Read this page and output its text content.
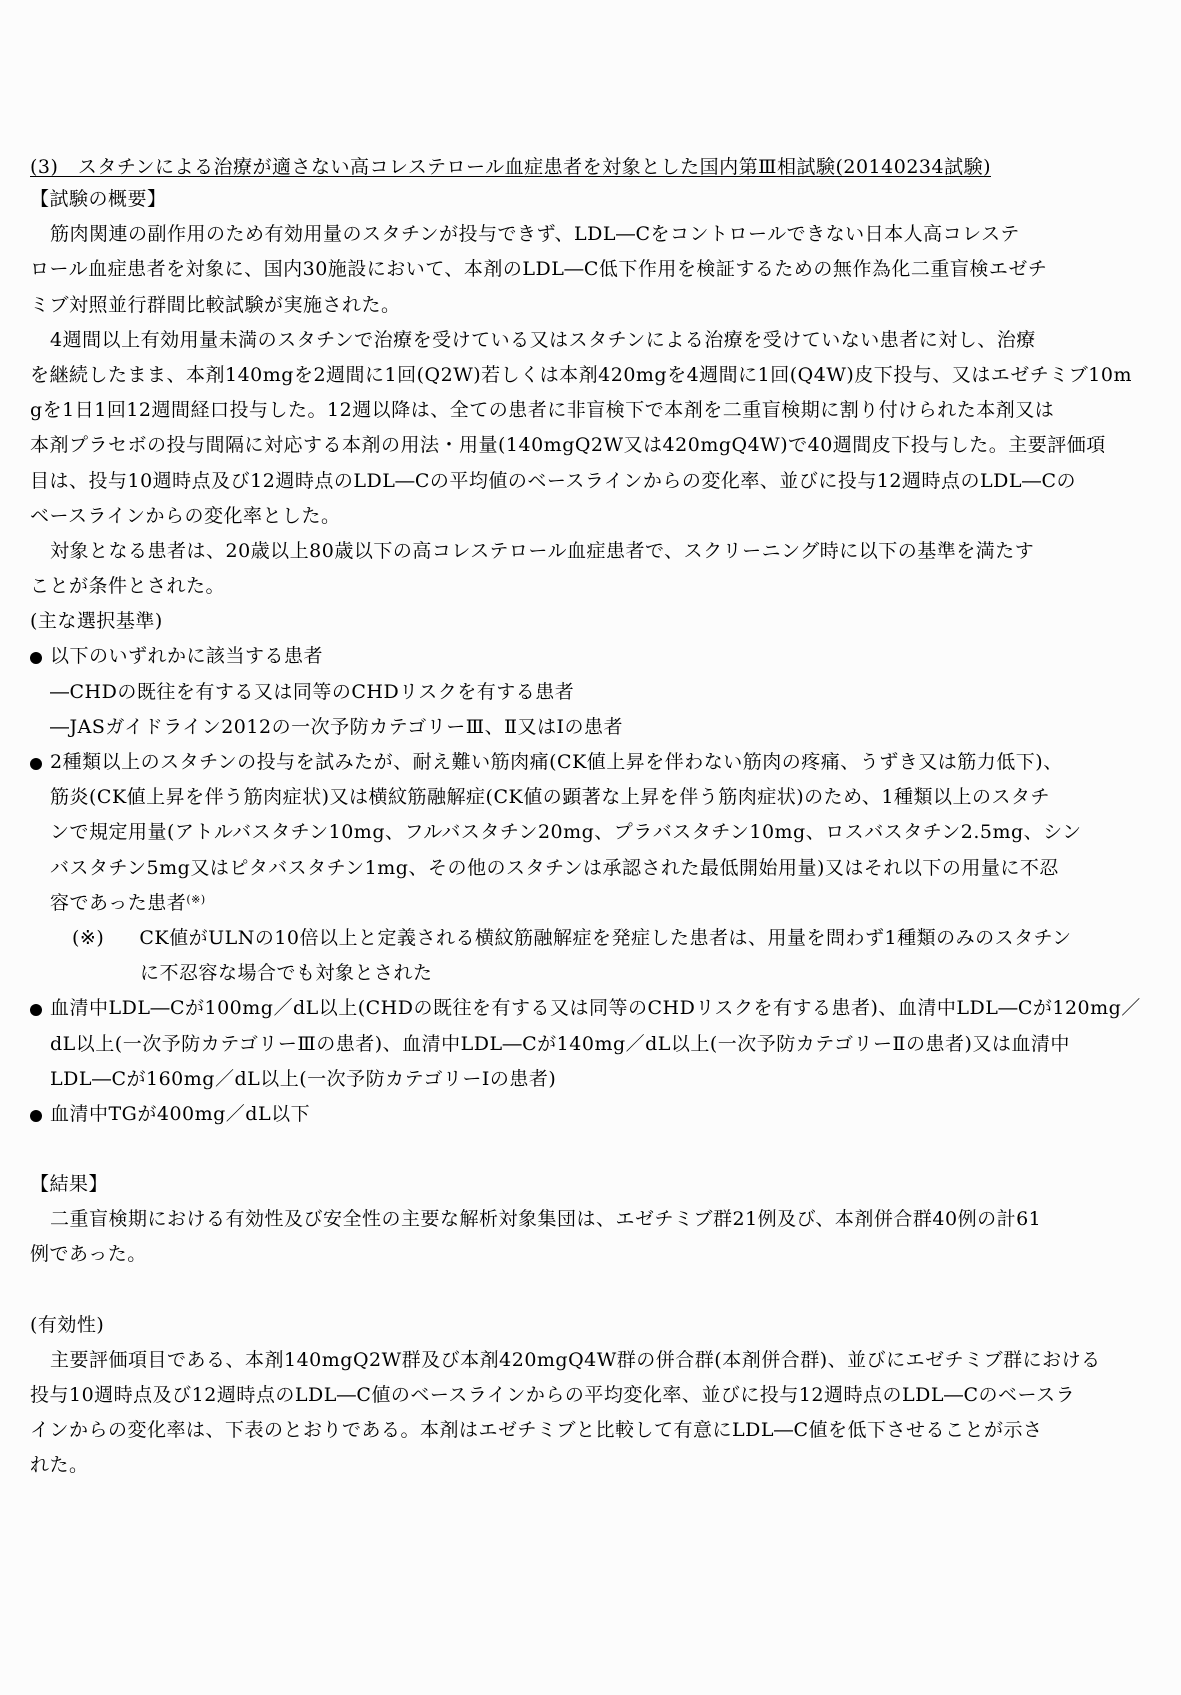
(3)　スタチンによる治療が適さない高コレステロール血症患者を対象とした国内第Ⅲ相試験(20140234試験)
【試験の概要】
筋肉関連の副作用のため有効用量のスタチンが投与できず、LDL―Cをコントロールできない日本人高コレステ
ロール血症患者を対象に、国内30施設において、本剤のLDL―C低下作用を検証するための無作為化二重盲検エゼチ
ミブ対照並行群間比較試験が実施された。
4週間以上有効用量未満のスタチンで治療を受けている又はスタチンによる治療を受けていない患者に対し、治療
を継続したまま、本剤140mgを2週間に1回(Q2W)若しくは本剤420mgを4週間に1回(Q4W)皮下投与、又はエゼチミブ10m
gを1日1回12週間経口投与した。12週以降は、全ての患者に非盲検下で本剤を二重盲検期に割り付けられた本剤又は
本剤プラセボの投与間隔に対応する本剤の用法・用量(140mgQ2W又は420mgQ4W)で40週間皮下投与した。主要評価項
目は、投与10週時点及び12週時点のLDL―Cの平均値のベースラインからの変化率、並びに投与12週時点のLDL―Cの
ベースラインからの変化率とした。
対象となる患者は、20歳以上80歳以下の高コレステロール血症患者で、スクリーニング時に以下の基準を満たす
ことが条件とされた。
(主な選択基準)
以下のいずれかに該当する患者
―CHDの既往を有する又は同等のCHDリスクを有する患者
―JASガイドライン2012の一次予防カテゴリーⅢ、Ⅱ又はⅠの患者
2種類以上のスタチンの投与を試みたが、耐え難い筋肉痛(CK値上昇を伴わない筋肉の疼痛、うずき又は筋力低下)、
筋炎(CK値上昇を伴う筋肉症状)又は横紋筋融解症(CK値の顕著な上昇を伴う筋肉症状)のため、1種類以上のスタチ
ンで規定用量(アトルバスタチン10mg、フルバスタチン20mg、プラバスタチン10mg、ロスバスタチン2.5mg、シン
バスタチン5mg又はピタバスタチン1mg、その他のスタチンは承認された最低開始用量)又はそれ以下の用量に不忍
容であった患者(※)
(※) CK値がULNの10倍以上と定義される横紋筋融解症を発症した患者は、用量を問わず1種類のみのスタチン
に不忍容な場合でも対象とされた
血清中LDL―Cが100mg／dL以上(CHDの既往を有する又は同等のCHDリスクを有する患者)、血清中LDL―Cが120mg／
dL以上(一次予防カテゴリーⅢの患者)、血清中LDL―Cが140mg／dL以上(一次予防カテゴリーⅡの患者)又は血清中
LDL―Cが160mg／dL以上(一次予防カテゴリーⅠの患者)
血清中TGが400mg／dL以下
【結果】
二重盲検期における有効性及び安全性の主要な解析対象集団は、エゼチミブ群21例及び、本剤併合群40例の計61
例であった。
(有効性)
主要評価項目である、本剤140mgQ2W群及び本剤420mgQ4W群の併合群(本剤併合群)、並びにエゼチミブ群における
投与10週時点及び12週時点のLDL―C値のベースラインからの平均変化率、並びに投与12週時点のLDL―Cのベースラ
インからの変化率は、下表のとおりである。本剤はエゼチミブと比較して有意にLDL―C値を低下させることが示さ
れた。
